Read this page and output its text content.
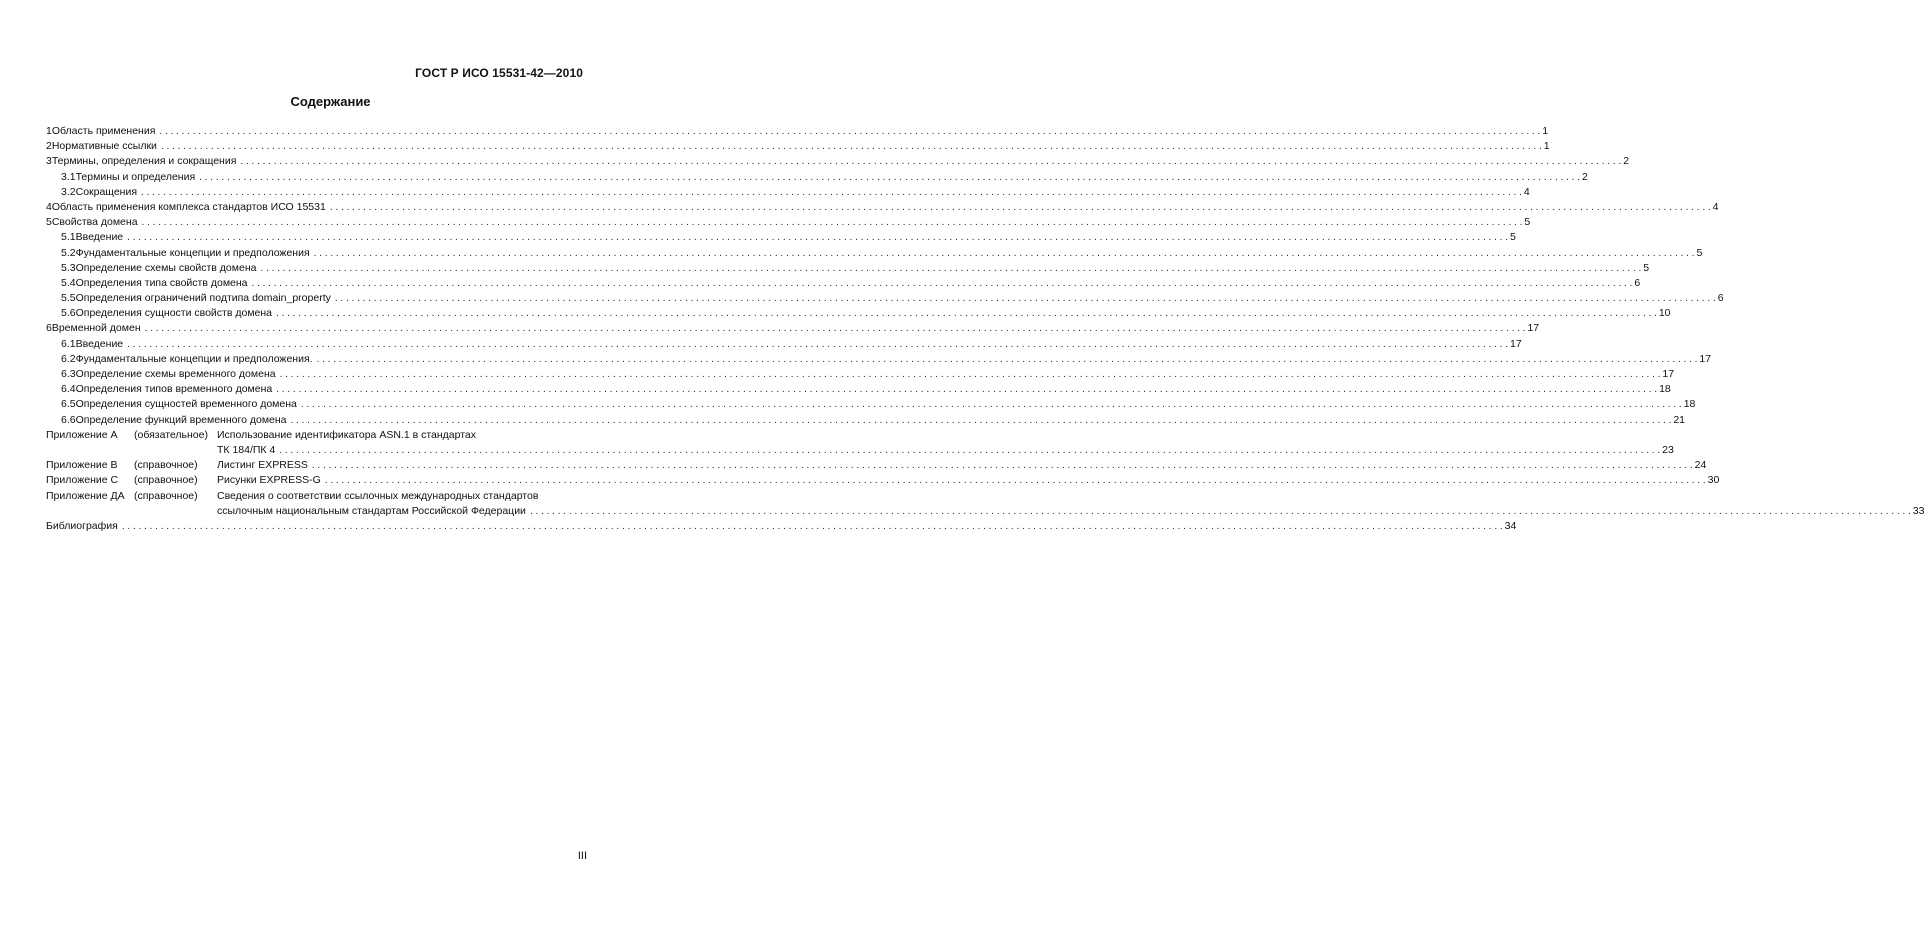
ГОСТ Р ИСО 15531-42—2010
Содержание
1 Область применения . . .	1
2 Нормативные ссылки . . .	1
3 Термины, определения и сокращения . . .	2
3.1 Термины и определения . . .	2
3.2 Сокращения . . .	4
4 Область применения комплекса стандартов ИСО 15531 . . .	4
5 Свойства домена . . .	5
5.1 Введение . . .	5
5.2 Фундаментальные концепции и предположения . . .	5
5.3 Определение схемы свойств домена . . .	5
5.4 Определения типа свойств домена . . .	6
5.5 Определения ограничений подтипа domain_property . . .	6
5.6 Определения сущности свойств домена . . .	10
6 Временной домен . . .	17
6.1 Введение . . .	17
6.2 Фундаментальные концепции и предположения. . . .	17
6.3 Определение схемы временного домена . . .	17
6.4 Определения типов временного домена . . .	18
6.5 Определения сущностей временного домена . . .	18
6.6 Определение функций временного домена . . .	21
Приложение А	(обязательное) Использование идентификатора ASN.1 в стандартах
ТК 184/ПК 4 . . .	23
Приложение В	(справочное)	Листинг EXPRESS . . .	24
Приложение С	(справочное)	Рисунки EXPRESS-G . . .	30
Приложение ДА (справочное)	Сведения о соответствии ссылочных международных стандартов
ссылочным национальным стандартам Российской Федерации . . .	33
Библиография . . .	34
III
